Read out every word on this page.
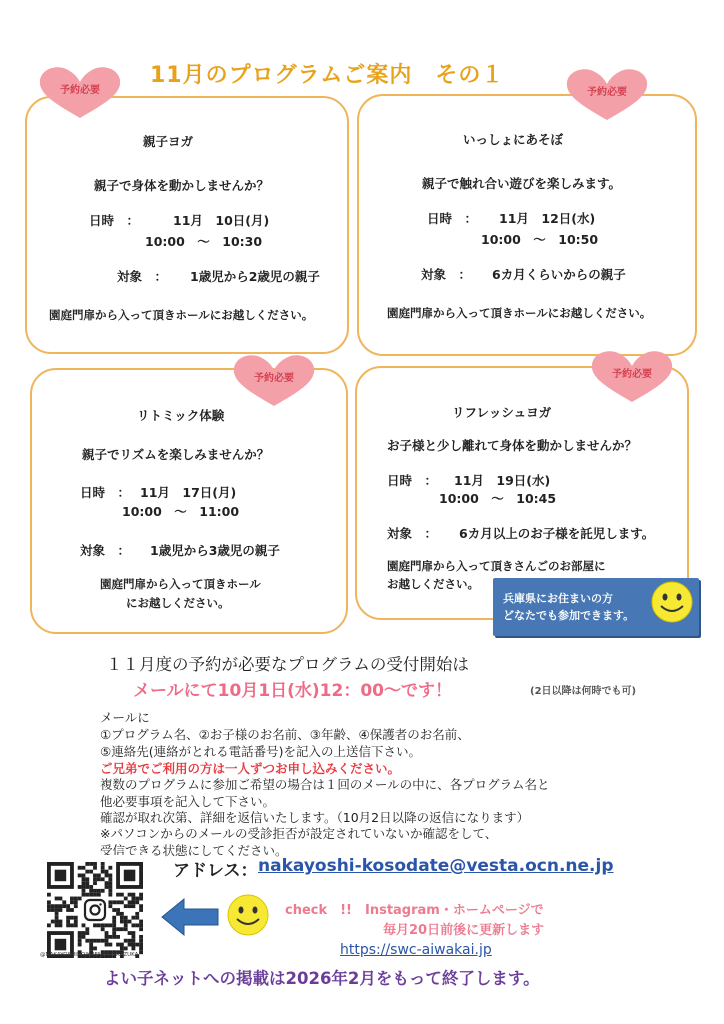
11月のプログラムご案内　その１
親子ヨガ
親子で身体を動かしませんか？
日時　：	11月　10日(月)
10:00　～　10:30
対象　： 1歳児から2歳児の親子
園庭門扉から入って頂きホールにお越しください。
いっしょにあそぼ
親子で触れ合い遊びを楽しみます。
日時　： 11月　12日(水)
10:00　～　10:50
対象　： 6カ月くらいからの親子
園庭門扉から入って頂きホールにお越しください。
リトミック体験
親子でリズムを楽しみませんか？
日時　： 11月　17日(月)
10:00　～　11:00
対象　： 1歳児から3歳児の親子
園庭門扉から入って頂きホール
にお越しください。
リフレッシュヨガ
お子様と少し離れて身体を動かしませんか？
日時　： 11月　19日(水)
10:00　～　10:45
対象　： 6カ月以上のお子様を託児します。
園庭門扉から入って頂きさんごのお部屋に
お越しください。
予約必要	予約必要
予約必要	予約必要
兵庫県にお住まいの方
どなたでも参加できます。
１１月度の予約が必要なプログラムの受付開始は
メールにて10月1日(水)12：00～です！	(2日以降は何時でも可)
メールに
①プログラム名、②お子様のお名前、③年齢、④保護者のお名前、
⑤連絡先(連絡がとれる電話番号)を記入の上送信下さい。
ご兄弟でご利用の方は一人ずつお申し込みください。
複数のプログラムに参加ご希望の場合は１回のメールの中に、各プログラム名と
他必要事項を記入して下さい。
確認が取れ次第、詳細を返信いたします。（10月2日以降の返信になります）
※パソコンからのメールの受診拒否が設定されていないか確認をして、
受信できる状態にしてください。
@NAKAYOSHIHOIKUENTAKARAZUKA
アドレス： nakayoshi-kosodate@vesta.ocn.ne.jp
check　!!　Instagram・ホームページで
毎月20日前後に更新します
https://swc-aiwakai.jp
よい子ネットへの掲載は2026年2月をもって終了します。
